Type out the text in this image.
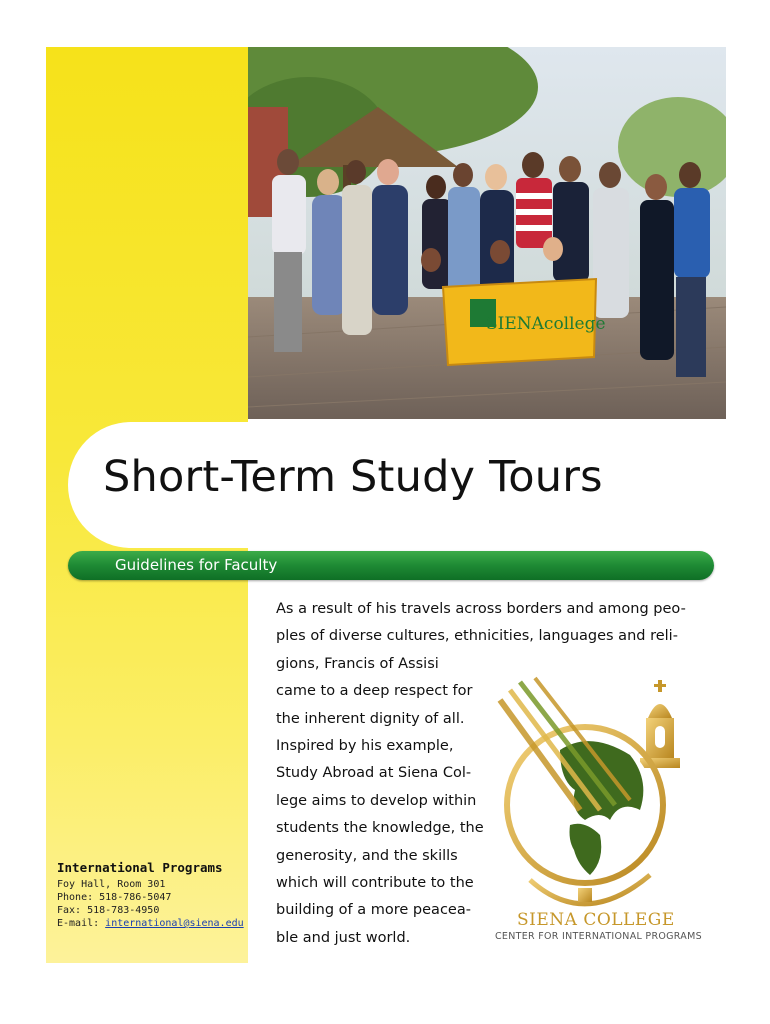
SIENAcollege
Short-Term Study Tours
Guidelines for Faculty
As a result of his travels across borders and among peo-
ples of diverse cultures, ethnicities, languages and reli-
gions, Francis of Assisi
came to a deep respect for
the inherent dignity of all.
Inspired by his example,
Study Abroad at Siena Col-
lege aims to develop within
students the knowledge, the
generosity, and the skills
which will contribute to the
building of a more peacea-
ble and just world.
International Programs
Foy Hall, Room 301
Phone: 518-786-5047
Fax: 518-783-4950
E-mail: international@siena.edu	SIENA COLLEGE
CENTER FOR INTERNATIONAL PROGRAMS
